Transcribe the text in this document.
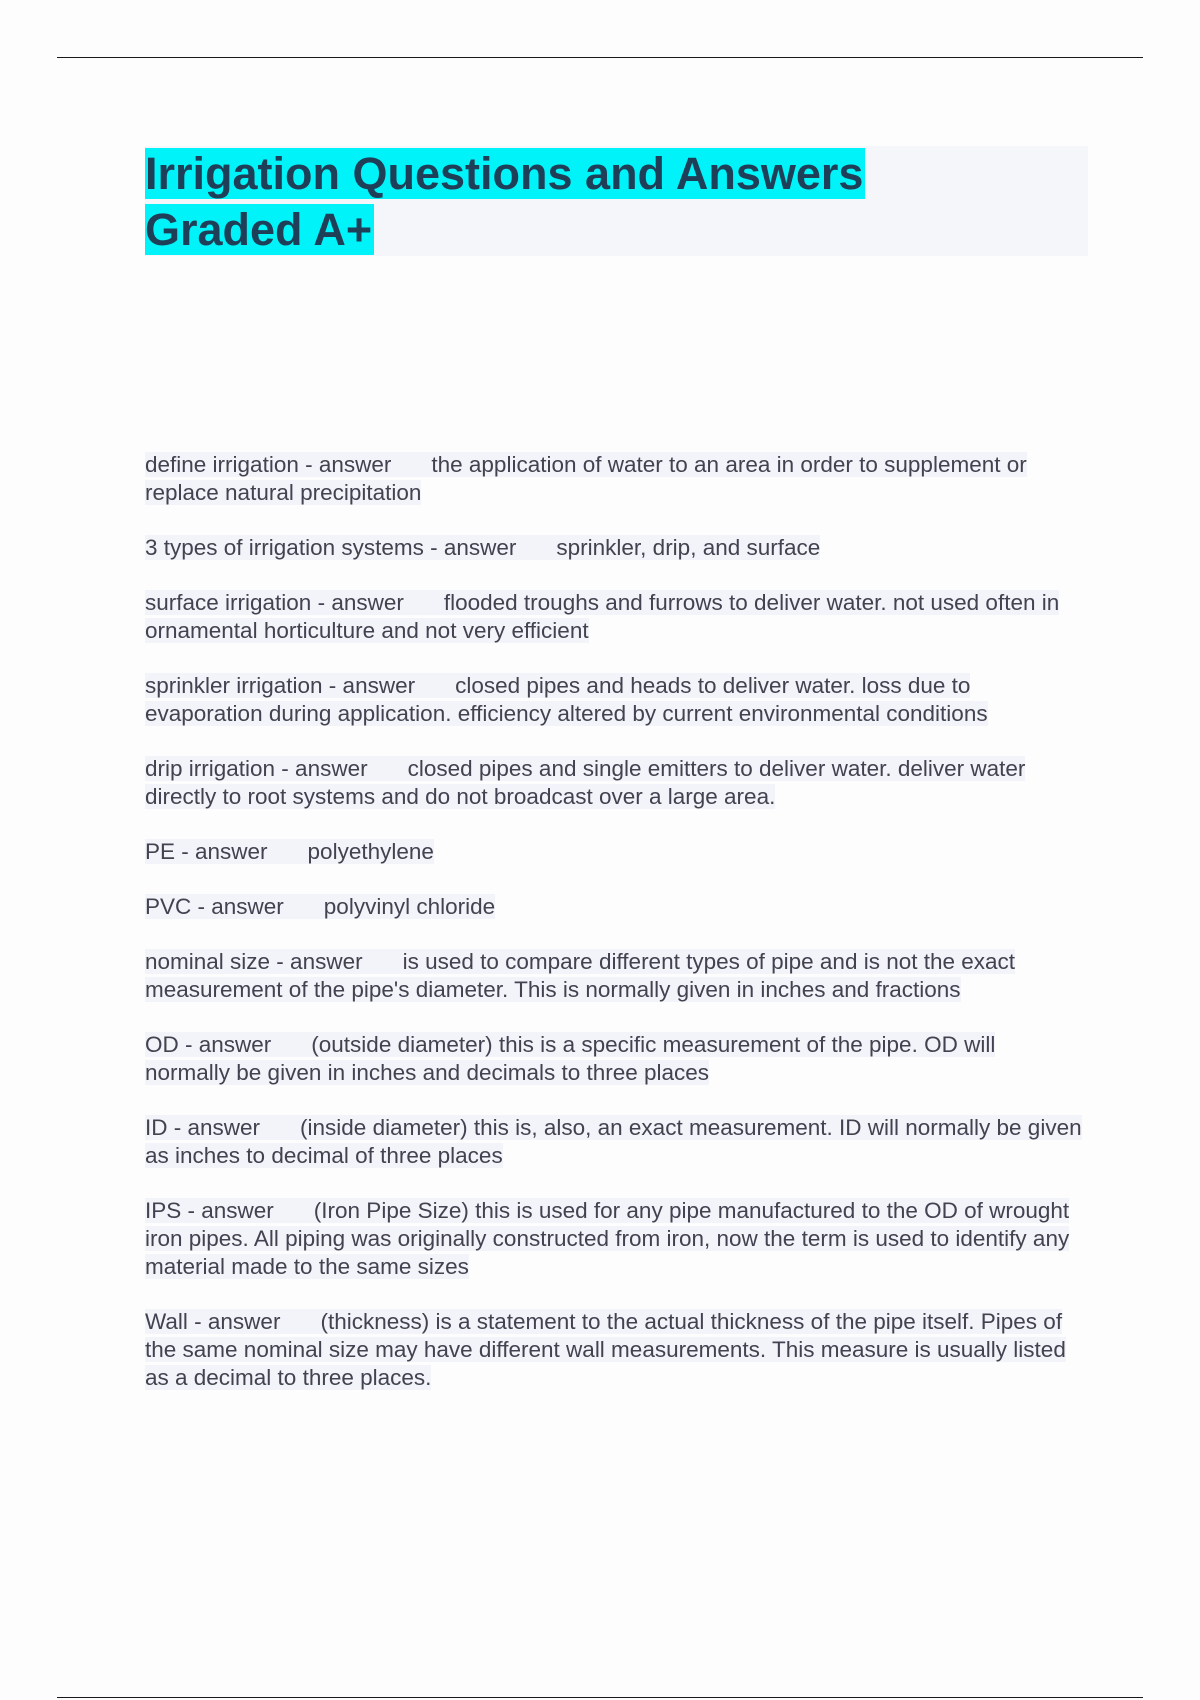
Irrigation Questions and Answers
Graded A+
define irrigation - answer the application of water to an area in order to supplement or replace natural precipitation
3 types of irrigation systems - answer sprinkler, drip, and surface
surface irrigation - answer flooded troughs and furrows to deliver water. not used often in ornamental horticulture and not very efficient
sprinkler irrigation - answer closed pipes and heads to deliver water. loss due to evaporation during application. efficiency altered by current environmental conditions
drip irrigation - answer closed pipes and single emitters to deliver water. deliver water directly to root systems and do not broadcast over a large area.
PE - answer polyethylene
PVC - answer polyvinyl chloride
nominal size - answer is used to compare different types of pipe and is not the exact measurement of the pipe's diameter. This is normally given in inches and fractions
OD - answer (outside diameter) this is a specific measurement of the pipe. OD will normally be given in inches and decimals to three places
ID - answer (inside diameter) this is, also, an exact measurement. ID will normally be given as inches to decimal of three places
IPS - answer (Iron Pipe Size) this is used for any pipe manufactured to the OD of wrought iron pipes. All piping was originally constructed from iron, now the term is used to identify any material made to the same sizes
Wall - answer (thickness) is a statement to the actual thickness of the pipe itself. Pipes of the same nominal size may have different wall measurements. This measure is usually listed as a decimal to three places.
